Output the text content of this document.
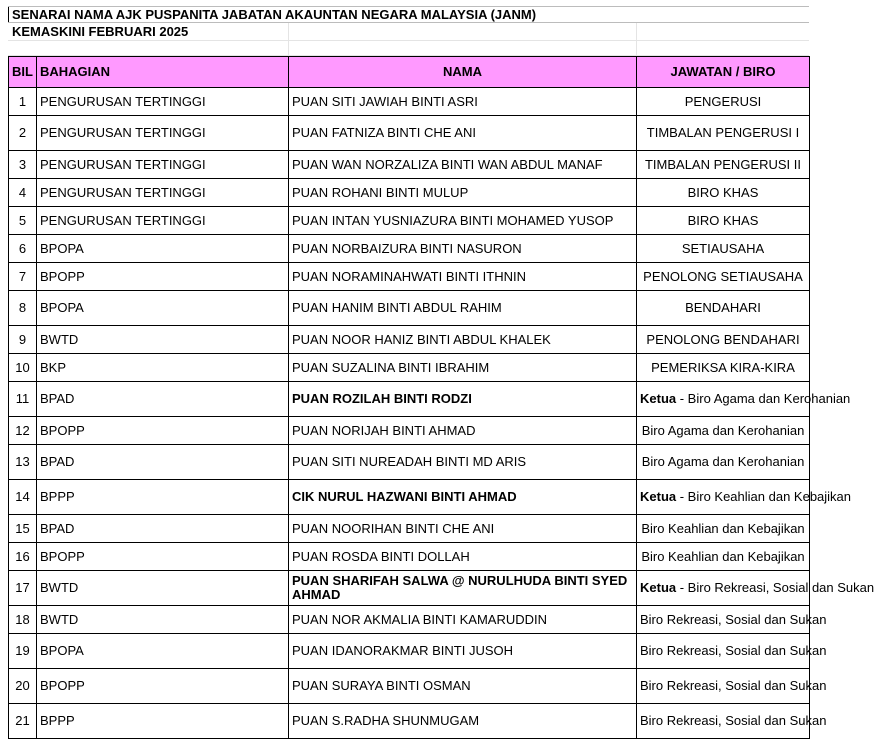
SENARAI NAMA AJK PUSPANITA JABATAN AKAUNTAN NEGARA MALAYSIA (JANM)
KEMASKINI FEBRUARI 2025
BIL	BAHAGIAN	NAMA	JAWATAN / BIRO
1	PENGURUSAN TERTINGGI	PUAN SITI JAWIAH BINTI ASRI	PENGERUSI
2	PENGURUSAN TERTINGGI	PUAN FATNIZA BINTI CHE ANI	TIMBALAN PENGERUSI I
3	PENGURUSAN TERTINGGI	PUAN WAN NORZALIZA BINTI WAN ABDUL MANAF	TIMBALAN PENGERUSI II
4	PENGURUSAN TERTINGGI	PUAN ROHANI BINTI MULUP	BIRO KHAS
5	PENGURUSAN TERTINGGI	PUAN INTAN YUSNIAZURA BINTI MOHAMED YUSOP	BIRO KHAS
6	BPOPA	PUAN NORBAIZURA BINTI NASURON	SETIAUSAHA
7	BPOPP	PUAN NORAMINAHWATI BINTI ITHNIN	PENOLONG SETIAUSAHA
8	BPOPA	PUAN HANIM BINTI ABDUL RAHIM	BENDAHARI
9	BWTD	PUAN NOOR HANIZ BINTI ABDUL KHALEK	PENOLONG BENDAHARI
10	BKP	PUAN SUZALINA BINTI IBRAHIM	PEMERIKSA KIRA-KIRA
11	BPAD	PUAN ROZILAH BINTI RODZI	Ketua - Biro Agama dan Kerohanian
12	BPOPP	PUAN NORIJAH BINTI AHMAD	Biro Agama dan Kerohanian
13	BPAD	PUAN SITI NUREADAH BINTI MD ARIS	Biro Agama dan Kerohanian
14	BPPP	CIK NURUL HAZWANI BINTI AHMAD	Ketua - Biro Keahlian dan Kebajikan
15	BPAD	PUAN NOORIHAN BINTI CHE ANI	Biro Keahlian dan Kebajikan
16	BPOPP	PUAN ROSDA BINTI DOLLAH	Biro Keahlian dan Kebajikan
17	BWTD	PUAN SHARIFAH SALWA @ NURULHUDA BINTI SYED AHMAD	Ketua - Biro Rekreasi, Sosial dan Sukan
18	BWTD	PUAN NOR AKMALIA BINTI KAMARUDDIN	Biro Rekreasi, Sosial dan Sukan
19	BPOPA	PUAN IDANORAKMAR BINTI JUSOH	Biro Rekreasi, Sosial dan Sukan
20	BPOPP	PUAN SURAYA BINTI OSMAN	Biro Rekreasi, Sosial dan Sukan
21	BPPP	PUAN S.RADHA SHUNMUGAM	Biro Rekreasi, Sosial dan Sukan
